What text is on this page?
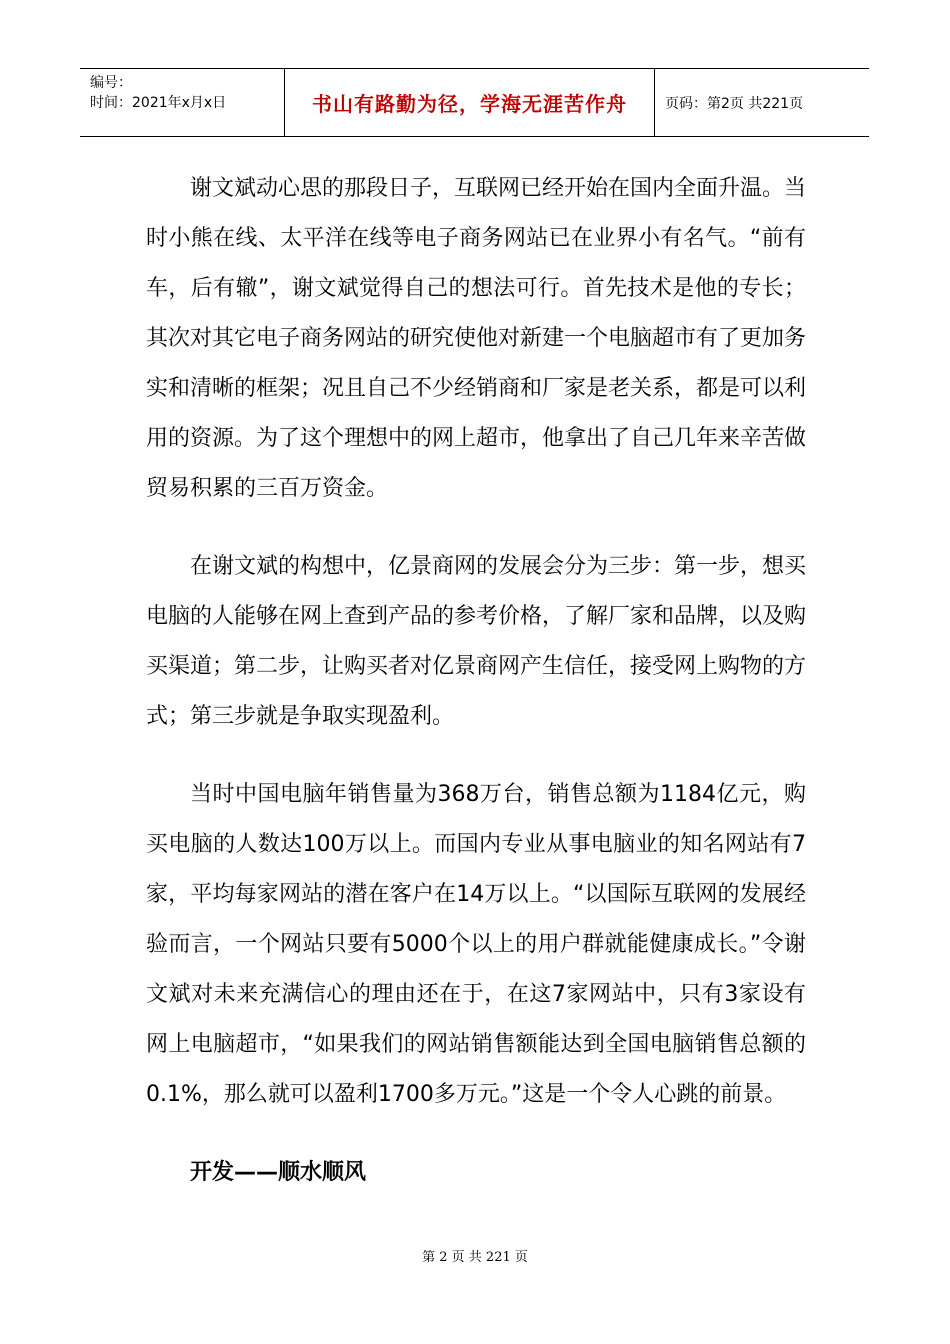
编号：
时间：2021年x月x日	书山有路勤为径，学海无涯苦作舟	页码：第2页 共221页

谢文斌动心思的那段日子，互联网已经开始在国内全面升温。当时小熊在线、太平洋在线等电子商务网站已在业界小有名气。“前有车，后有辙”，谢文斌觉得自己的想法可行。首先技术是他的专长；其次对其它电子商务网站的研究使他对新建一个电脑超市有了更加务实和清晰的框架；况且自己不少经销商和厂家是老关系，都是可以利用的资源。为了这个理想中的网上超市，他拿出了自己几年来辛苦做贸易积累的三百万资金。

在谢文斌的构想中，亿景商网的发展会分为三步：第一步，想买电脑的人能够在网上查到产品的参考价格，了解厂家和品牌，以及购买渠道；第二步，让购买者对亿景商网产生信任，接受网上购物的方式；第三步就是争取实现盈利。

当时中国电脑年销售量为368万台，销售总额为1184亿元，购买电脑的人数达100万以上。而国内专业从事电脑业的知名网站有7家，平均每家网站的潜在客户在14万以上。“以国际互联网的发展经验而言，一个网站只要有5000个以上的用户群就能健康成长。”令谢文斌对未来充满信心的理由还在于，在这7家网站中，只有3家设有网上电脑超市，“如果我们的网站销售额能达到全国电脑销售总额的0.1%，那么就可以盈利1700多万元。”这是一个令人心跳的前景。

开发——顺水顺风
第 2 页 共 221 页
